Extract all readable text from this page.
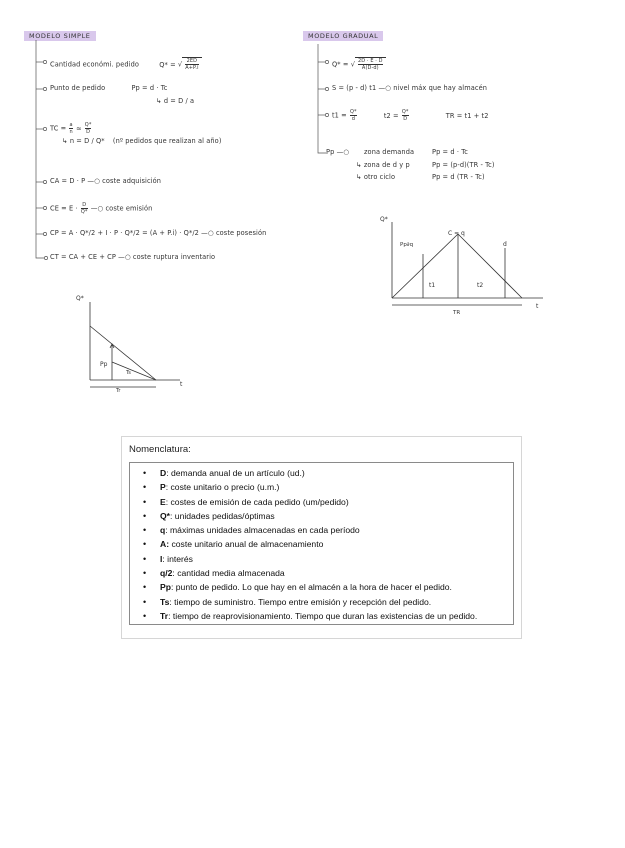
MODELO SIMPLE
Cantidad económi. pedido	Q* = √ $\frac{2ED}{A+P.i}$
Punto de pedido	Pp = d · Tc
↳ d = D / a
TC = $\frac{a}{n}$ ≃ $\frac{Q*}{D}$
↳ n = D / Q* (nº pedidos que realizan al año)
CA = D · P —○ coste adquisición
CE = $E \cdot \frac{D}{Q*}$ —○ coste emisión
CP = A · Q*/2 + I · P · Q*/2 = (A + P.i) · Q*/2 —○ coste posesión
CT = CA + CE + CP —○ coste ruptura inventario
Q*
Pp
Ts
Tr
t
MODELO GRADUAL
Q* = √ $\frac{2D \cdot E \cdot D}{A(D-d)}$
S = (p - d) t1 —○ nivel máx que hay almacén
$t1 = \frac{Q*}{d}$	$t2 = \frac{Q*}{D}$	TR = t1 + t2
Pp —○ zona demanda	Pp = d · Tc
↳ zona de d y p	Pp = (p-d)(TR - Tc)
↳ otro ciclo	Pp = d (TR - Tc)
Q*
C = q
Pp∂q	d
t1	t2
TR
t
Nomenclatura:
• D: demanda anual de un artículo (ud.)
• P: coste unitario o precio (u.m.)
• E: costes de emisión de cada pedido (um/pedido)
• Q*: unidades pedidas/óptimas
• q: máximas unidades almacenadas en cada período
• A: coste unitario anual de almacenamiento
• I: interés
• q/2: cantidad media almacenada
• Pp: punto de pedido. Lo que hay en el almacén a la hora de hacer el pedido.
• Ts: tiempo de suministro. Tiempo entre emisión y recepción del pedido.
• Tr: tiempo de reaprovisionamiento. Tiempo que duran las existencias de un pedido.
